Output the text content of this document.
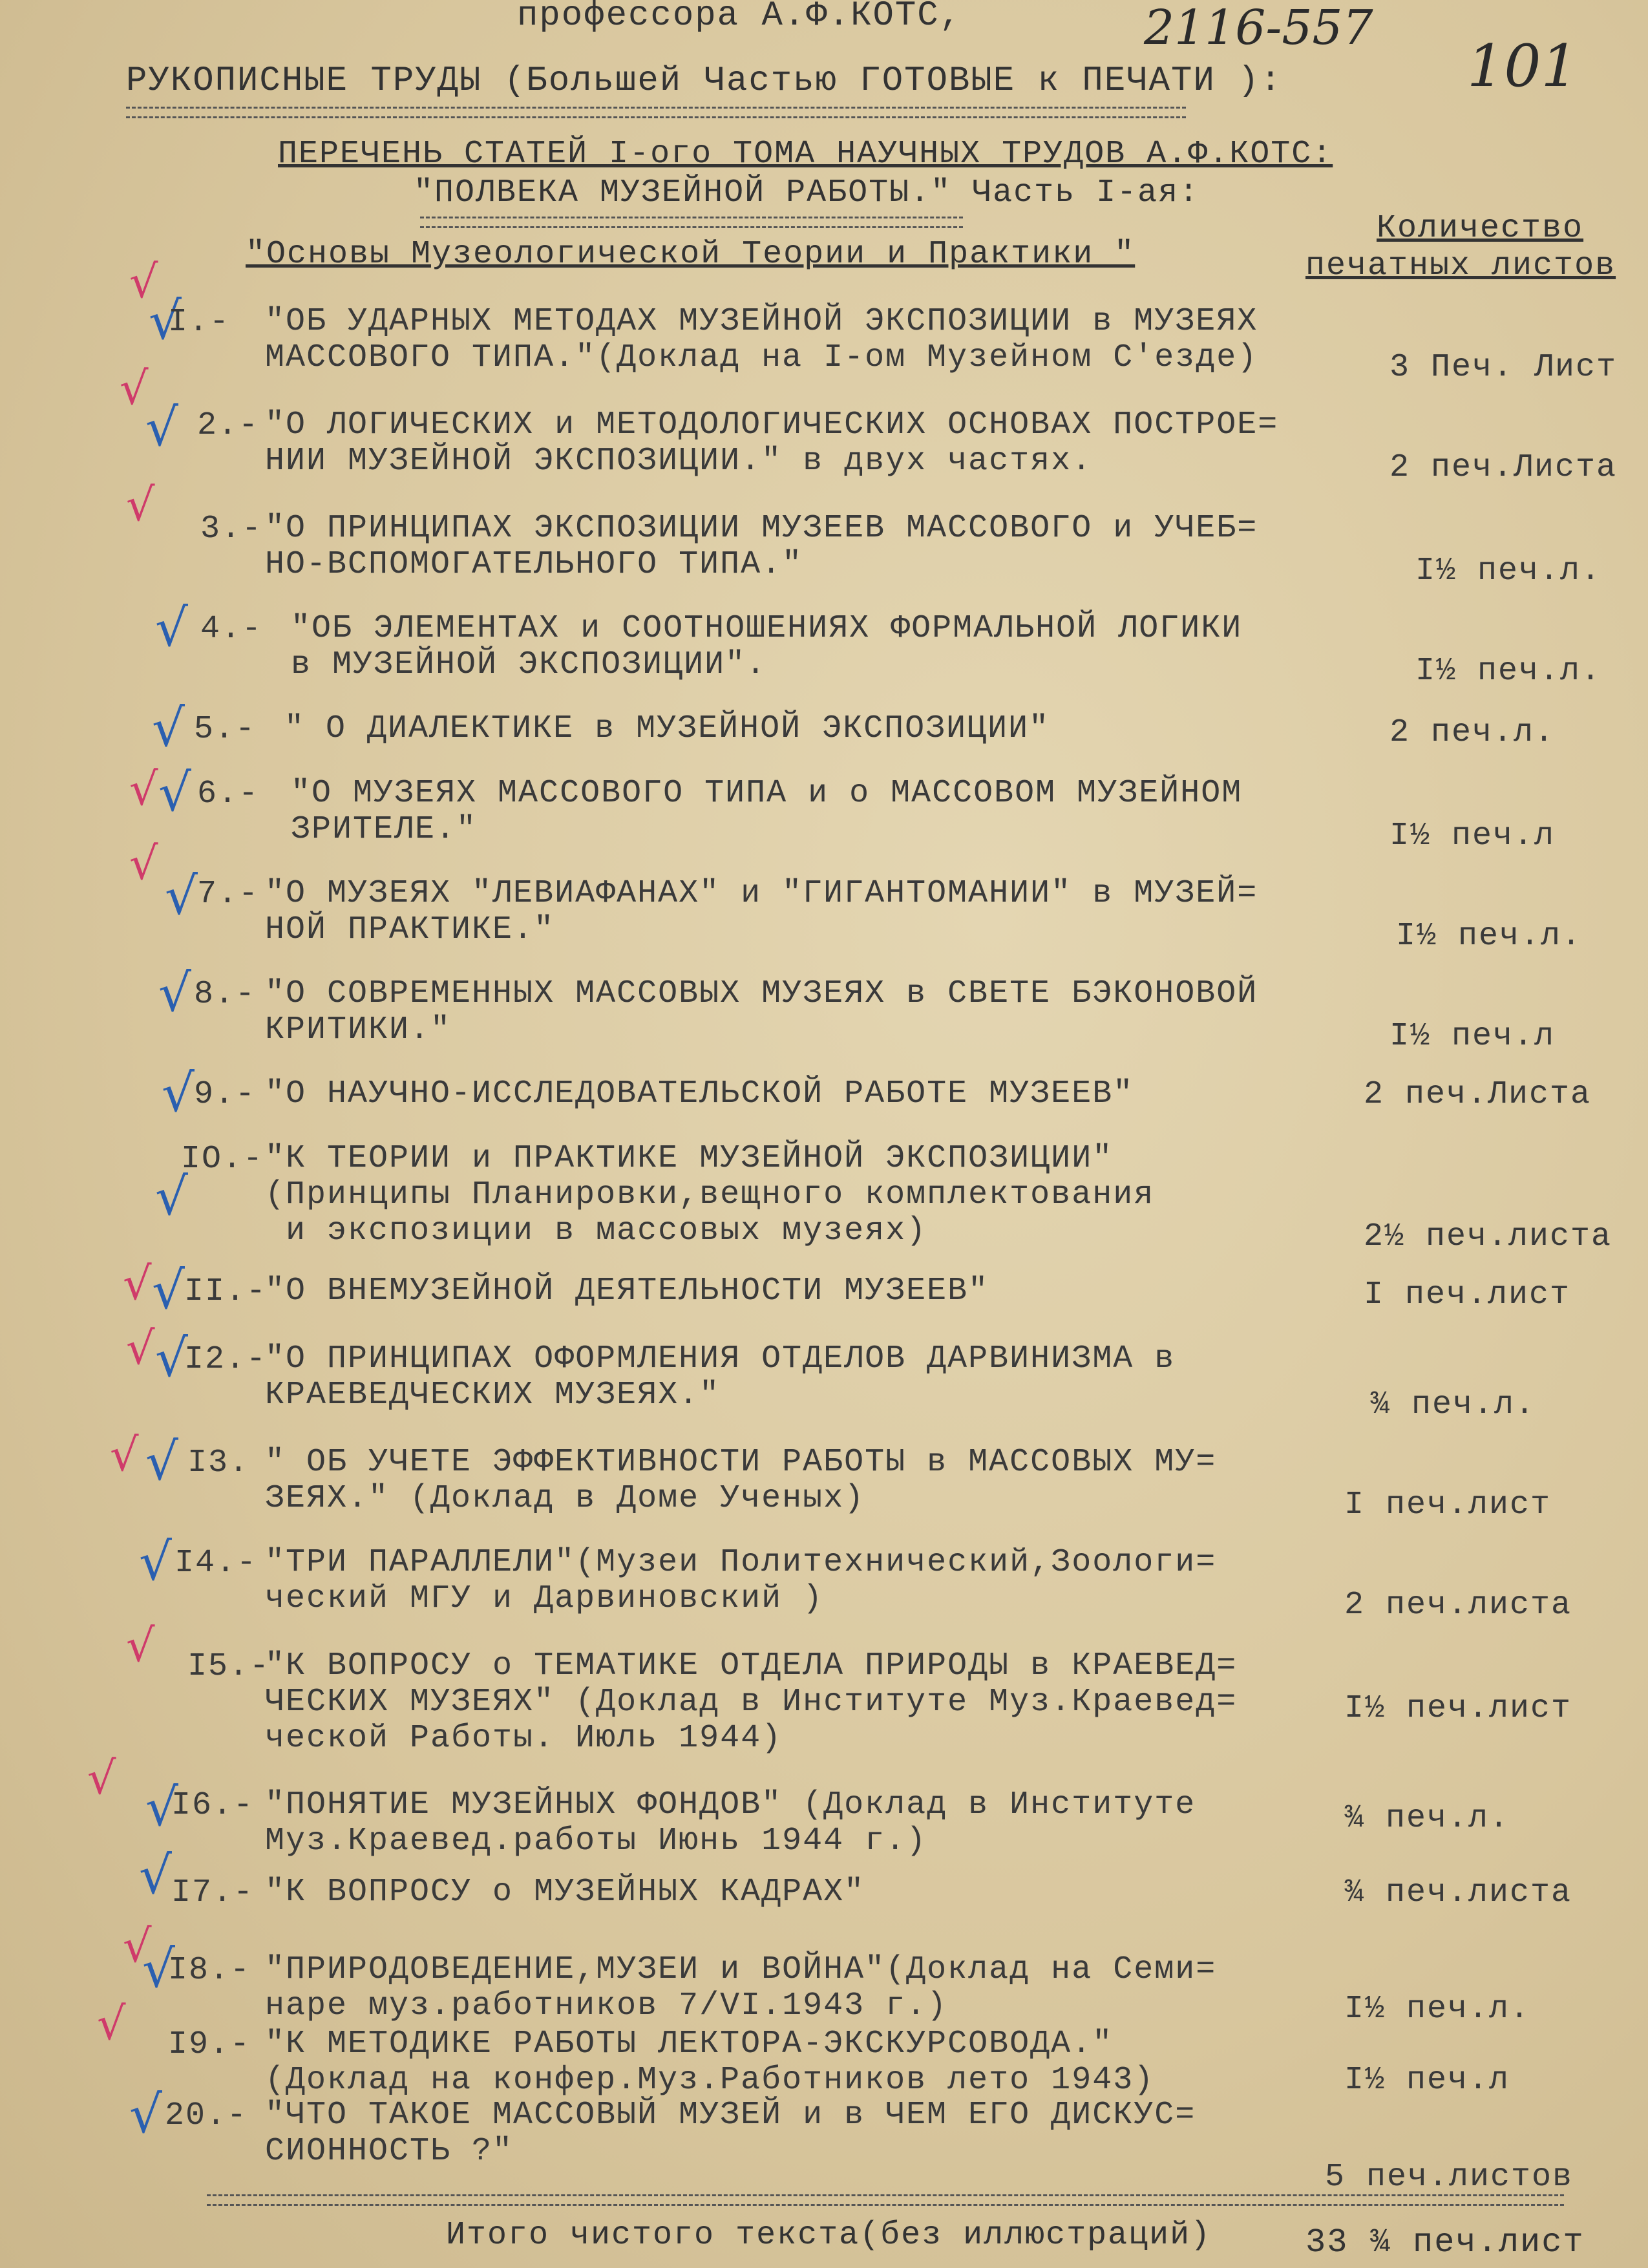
профессора А.Ф.КОТС,	2116-557
101
РУКОПИСНЫЕ ТРУДЫ (Большей Частью ГОТОВЫЕ к ПЕЧАТИ ):
ПЕРЕЧЕНЬ СТАТЕЙ I-ого ТОМА НАУЧНЫХ ТРУДОВ А.Ф.КОТС:
"ПОЛВЕКА МУЗЕЙНОЙ РАБОТЫ." Часть I-ая:
"Основы Музеологической Теории и Практики "
Количество
печатных листов
√
√
I.- "ОБ УДАРНЫХ МЕТОДАХ МУЗЕЙНОЙ ЭКСПОЗИЦИИ в МУЗЕЯХ
МАССОВОГО ТИПА."(Доклад на I-ом Музейном С'езде)	3 Печ. Лист
√
√ 2.- "О ЛОГИЧЕСКИХ и МЕТОДОЛОГИЧЕСКИХ ОСНОВАХ ПОСТРОЕ=
НИИ МУЗЕЙНОЙ ЭКСПОЗИЦИИ." в двух частях.	2 печ.Листа
√ 3.- "О ПРИНЦИПАХ ЭКСПОЗИЦИИ МУЗЕЕВ МАССОВОГО и УЧЕБ=
НО-ВСПОМОГАТЕЛЬНОГО ТИПА."	I½ печ.л.
√ 4.- "ОБ ЭЛЕМЕНТАХ и СООТНОШЕНИЯХ ФОРМАЛЬНОЙ ЛОГИКИ
в МУЗЕЙНОЙ ЭКСПОЗИЦИИ".	I½ печ.л.
√ 5.- " О ДИАЛЕКТИКЕ в МУЗЕЙНОЙ ЭКСПОЗИЦИИ"	2 печ.л.
√ √ 6.- "О МУЗЕЯХ МАССОВОГО ТИПА и о МАССОВОМ МУЗЕЙНОМ
ЗРИТЕЛЕ."	I½ печ.л
√
√ 7.- "О МУЗЕЯХ "ЛЕВИАФАНАХ" и "ГИГАНТОМАНИИ" в МУЗЕЙ=
НОЙ ПРАКТИКЕ."	I½ печ.л.
√ 8.- "О СОВРЕМЕННЫХ МАССОВЫХ МУЗЕЯХ в СВЕТЕ БЭКОНОВОЙ
КРИТИКИ."	I½ печ.л
√ 9.- "О НАУЧНО-ИССЛЕДОВАТЕЛЬСКОЙ РАБОТЕ МУЗЕЕВ"	2 печ.Листа
√
IO.- "К ТЕОРИИ и ПРАКТИКЕ МУЗЕЙНОЙ ЭКСПОЗИЦИИ"
(Принципы Планировки,вещного комплектования
и экспозиции в массовых музеях)	2½ печ.листа
√ √ II.-
"О ВНЕМУЗЕЙНОЙ ДЕЯТЕЛЬНОСТИ МУЗЕЕВ"	I печ.лист
√ √
I2.-
"О ПРИНЦИПАХ ОФОРМЛЕНИЯ ОТДЕЛОВ ДАРВИНИЗМА в
КРАЕВЕДЧЕСКИХ МУЗЕЯХ."	¾ печ.л.
√ √ I3. " ОБ УЧЕТЕ ЭФФЕКТИВНОСТИ РАБОТЫ в МАССОВЫХ МУ=
ЗЕЯХ." (Доклад в Доме Ученых)	I печ.лист
√ I4.- "ТРИ ПАРАЛЛЕЛИ"(Музеи Политехнический,Зоологи=
ческий МГУ и Дарвиновский )	2 печ.листа
√ I5.-
"К ВОПРОСУ о ТЕМАТИКЕ ОТДЕЛА ПРИРОДЫ в КРАЕВЕД=
ЧЕСКИХ МУЗЕЯХ" (Доклад в Институте Муз.Краевед=
ческой Работы. Июль 1944)
I½ печ.лист
√ √
I6.- "ПОНЯТИЕ МУЗЕЙНЫХ ФОНДОВ" (Доклад в Институте
Муз.Краевед.работы Июнь 1944 г.)
¾ печ.л.
√ I7.- "К ВОПРОСУ о МУЗЕЙНЫХ КАДРАХ"	¾ печ.листа
√
√
I8.- "ПРИРОДОВЕДЕНИЕ,МУЗЕИ и ВОЙНА"(Доклад на Семи=
наре муз.работников 7/VI.1943 г.)	I½ печ.л.
√ I9.- "К МЕТОДИКЕ РАБОТЫ ЛЕКТОРА-ЭКСКУРСОВОДА."
(Доклад на конфер.Муз.Работников лето 1943)	I½ печ.л
√ 20.- "ЧТО ТАКОЕ МАССОВЫЙ МУЗЕЙ и в ЧЕМ ЕГО ДИСКУС=
СИОННОСТЬ ?"
5 печ.листов
Итого чистого текста(без иллюстраций)	33 ¾ печ.лист
